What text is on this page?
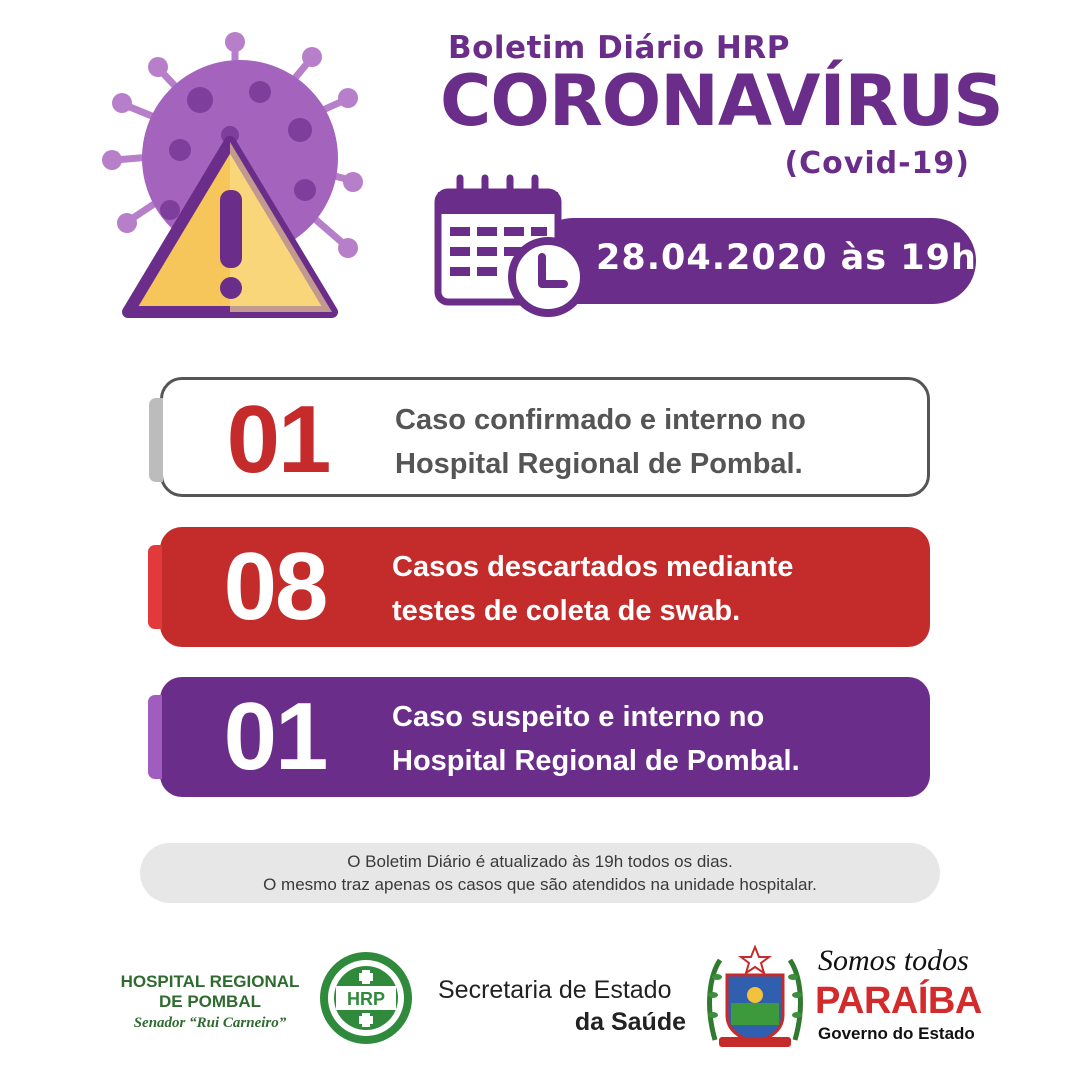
Boletim Diário HRP
CORONAVÍRUS
(Covid-19)
28.04.2020 às 19h
01	Caso confirmado e interno no
Hospital Regional de Pombal.
08	Casos descartados mediante
testes de coleta de swab.
01	Caso suspeito e interno no
Hospital Regional de Pombal.
O Boletim Diário é atualizado às 19h todos os dias.
O mesmo traz apenas os casos que são atendidos na unidade hospitalar.
HOSPITAL REGIONAL
DE POMBAL
Senador “Rui Carneiro”
HRP Secretaria de Estado
da Saúde
Somos todos
PARAÍBA
Governo do Estado
